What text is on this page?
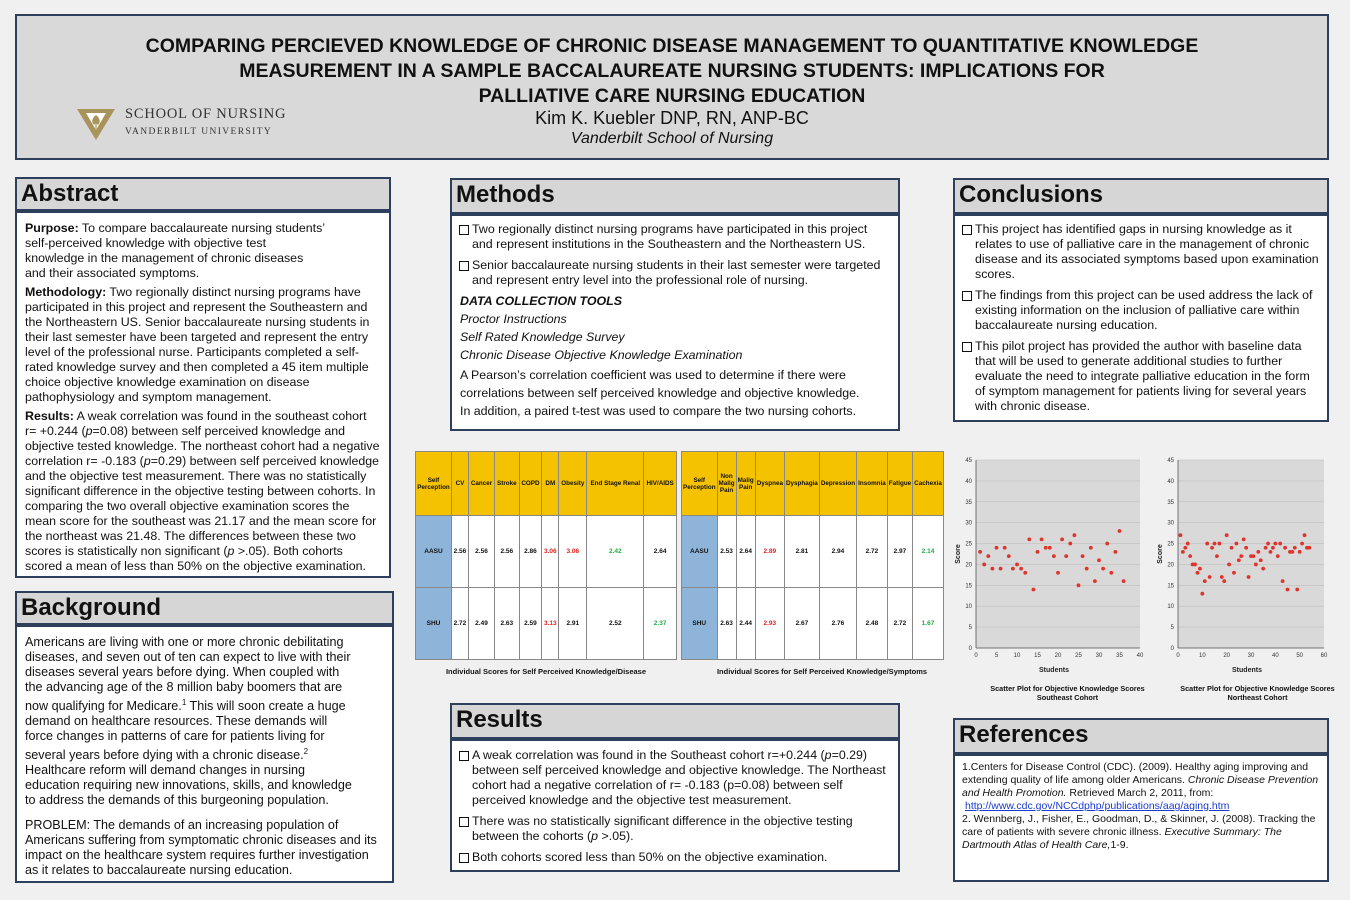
COMPARING PERCIEVED KNOWLEDGE OF CHRONIC DISEASE MANAGEMENT TO QUANTITATIVE KNOWLEDGE
MEASUREMENT IN A SAMPLE BACCALAUREATE NURSING STUDENTS: IMPLICATIONS FOR
PALLIATIVE CARE NURSING EDUCATION
Kim K. Kuebler DNP, RN, ANP-BC
Vanderbilt School of Nursing
SCHOOL OF NURSING
VANDERBILT UNIVERSITY
Abstract

Purpose: To compare baccalaureate nursing students’ self-perceived knowledge with objective test knowledge in the management of chronic diseases and their associated symptoms.

Methodology: Two regionally distinct nursing programs have participated in this project and represent the Southeastern and the Northeastern US. Senior baccalaureate nursing students in their last semester have been targeted and represent the entry level of the professional nurse. Participants completed a self-rated knowledge survey and then completed a 45 item multiple choice objective knowledge examination on disease pathophysiology and symptom management.

Results: A weak correlation was found in the southeast cohort r= +0.244 (p=0.08) between self perceived knowledge and objective tested knowledge. The northeast cohort had a negative correlation r= -0.183 (p=0.29) between self perceived knowledge and the objective test measurement. There was no statistically significant difference in the objective testing between cohorts. In comparing the two overall objective examination scores the mean score for the southeast was 21.17 and the mean score for the northeast was 21.48. The differences between these two scores is statistically non significant (p >.05). Both cohorts scored a mean of less than 50% on the objective examination.

Background

Americans are living with one or more chronic debilitating diseases, and seven out of ten can expect to live with their diseases several years before dying. When coupled with the advancing age of the 8 million baby boomers that are now qualifying for Medicare.$^1$ This will soon create a huge demand on healthcare resources. These demands will force changes in patterns of care for patients living for several years before dying with a chronic disease.$^2$ Healthcare reform will demand changes in nursing education requiring new innovations, skills, and knowledge to address the demands of this burgeoning population.

PROBLEM: The demands of an increasing population of Americans suffering from symptomatic chronic diseases and its impact on the healthcare system requires further investigation as it relates to baccalaureate nursing education.

Methods
Two regionally distinct nursing programs have participated in this project and represent institutions in the Southeastern and the Northeastern US.
Senior baccalaureate nursing students in their last semester were targeted and represent entry level into the professional role of nursing.
DATA COLLECTION TOOLS
Proctor Instructions
Self Rated Knowledge Survey
Chronic Disease Objective Knowledge Examination
A Pearson’s correlation coefficient was used to determine if there were correlations between self perceived knowledge and objective knowledge.
In addition, a paired t-test was used to compare the two nursing cohorts.
Self Perception	CV	Cancer	Stroke	COPD	DM	Obesity	End Stage Renal	HIV/AIDS
AASU	2.56	2.56	2.56	2.86	3.06	3.06	2.42	2.64
SHU	2.72	2.49	2.63	2.59	3.13	2.91	2.52	2.37
Individual Scores for Self Perceived Knowledge/Disease
Self Perception	Non Malig Pain	Malig Pain	Dyspnea	Dysphagia	Depression	Insomnia	Fatigue	Cachexia
AASU	2.53	2.64	2.89	2.81	2.94	2.72	2.97	2.14
SHU	2.63	2.44	2.93	2.67	2.76	2.48	2.72	1.67
Individual Scores for Self Perceived Knowledge/Symptoms
0
5
10
15
20
25
30
35
40
45
0	5	10 15 20 25 30 35 40
Students
Score
Scatter Plot for Objective Knowledge Scores Southeast Cohort
0
5
10
15
20
25
30
35
40
45
0	10	20	30	40	50	60
Students
Score
Scatter Plot for Objective Knowledge Scores Northeast Cohort
Results
A weak correlation was found in the Southeast cohort r=+0.244 (p=0.29) between self perceived knowledge and objective knowledge. The Northeast cohort had a negative correlation of r= -0.183 (p=0.08) between self perceived knowledge and the objective test measurement.
There was no statistically significant difference in the objective testing between the cohorts (p >.05).
Both cohorts scored less than 50% on the objective examination.
Conclusions
This project has identified gaps in nursing knowledge as it relates to use of palliative care in the management of chronic disease and its associated symptoms based upon examination scores.
The findings from this project can be used address the lack of existing information on the inclusion of palliative care within baccalaureate nursing education.
This pilot project has provided the author with baseline data that will be used to generate additional studies to further evaluate the need to integrate palliative education in the form of symptom management for patients living for several years with chronic disease.
References
1.Centers for Disease Control (CDC). (2009). Healthy aging improving and extending quality of life among older Americans. Chronic Disease Prevention and Health Promotion. Retrieved March 2, 2011, from:
http://www.cdc.gov/NCCdphp/publications/aag/aging.htm
2. Wennberg, J., Fisher, E., Goodman, D., & Skinner, J. (2008). Tracking the care of patients with severe chronic illness. Executive Summary: The Dartmouth Atlas of Health Care,1-9.
